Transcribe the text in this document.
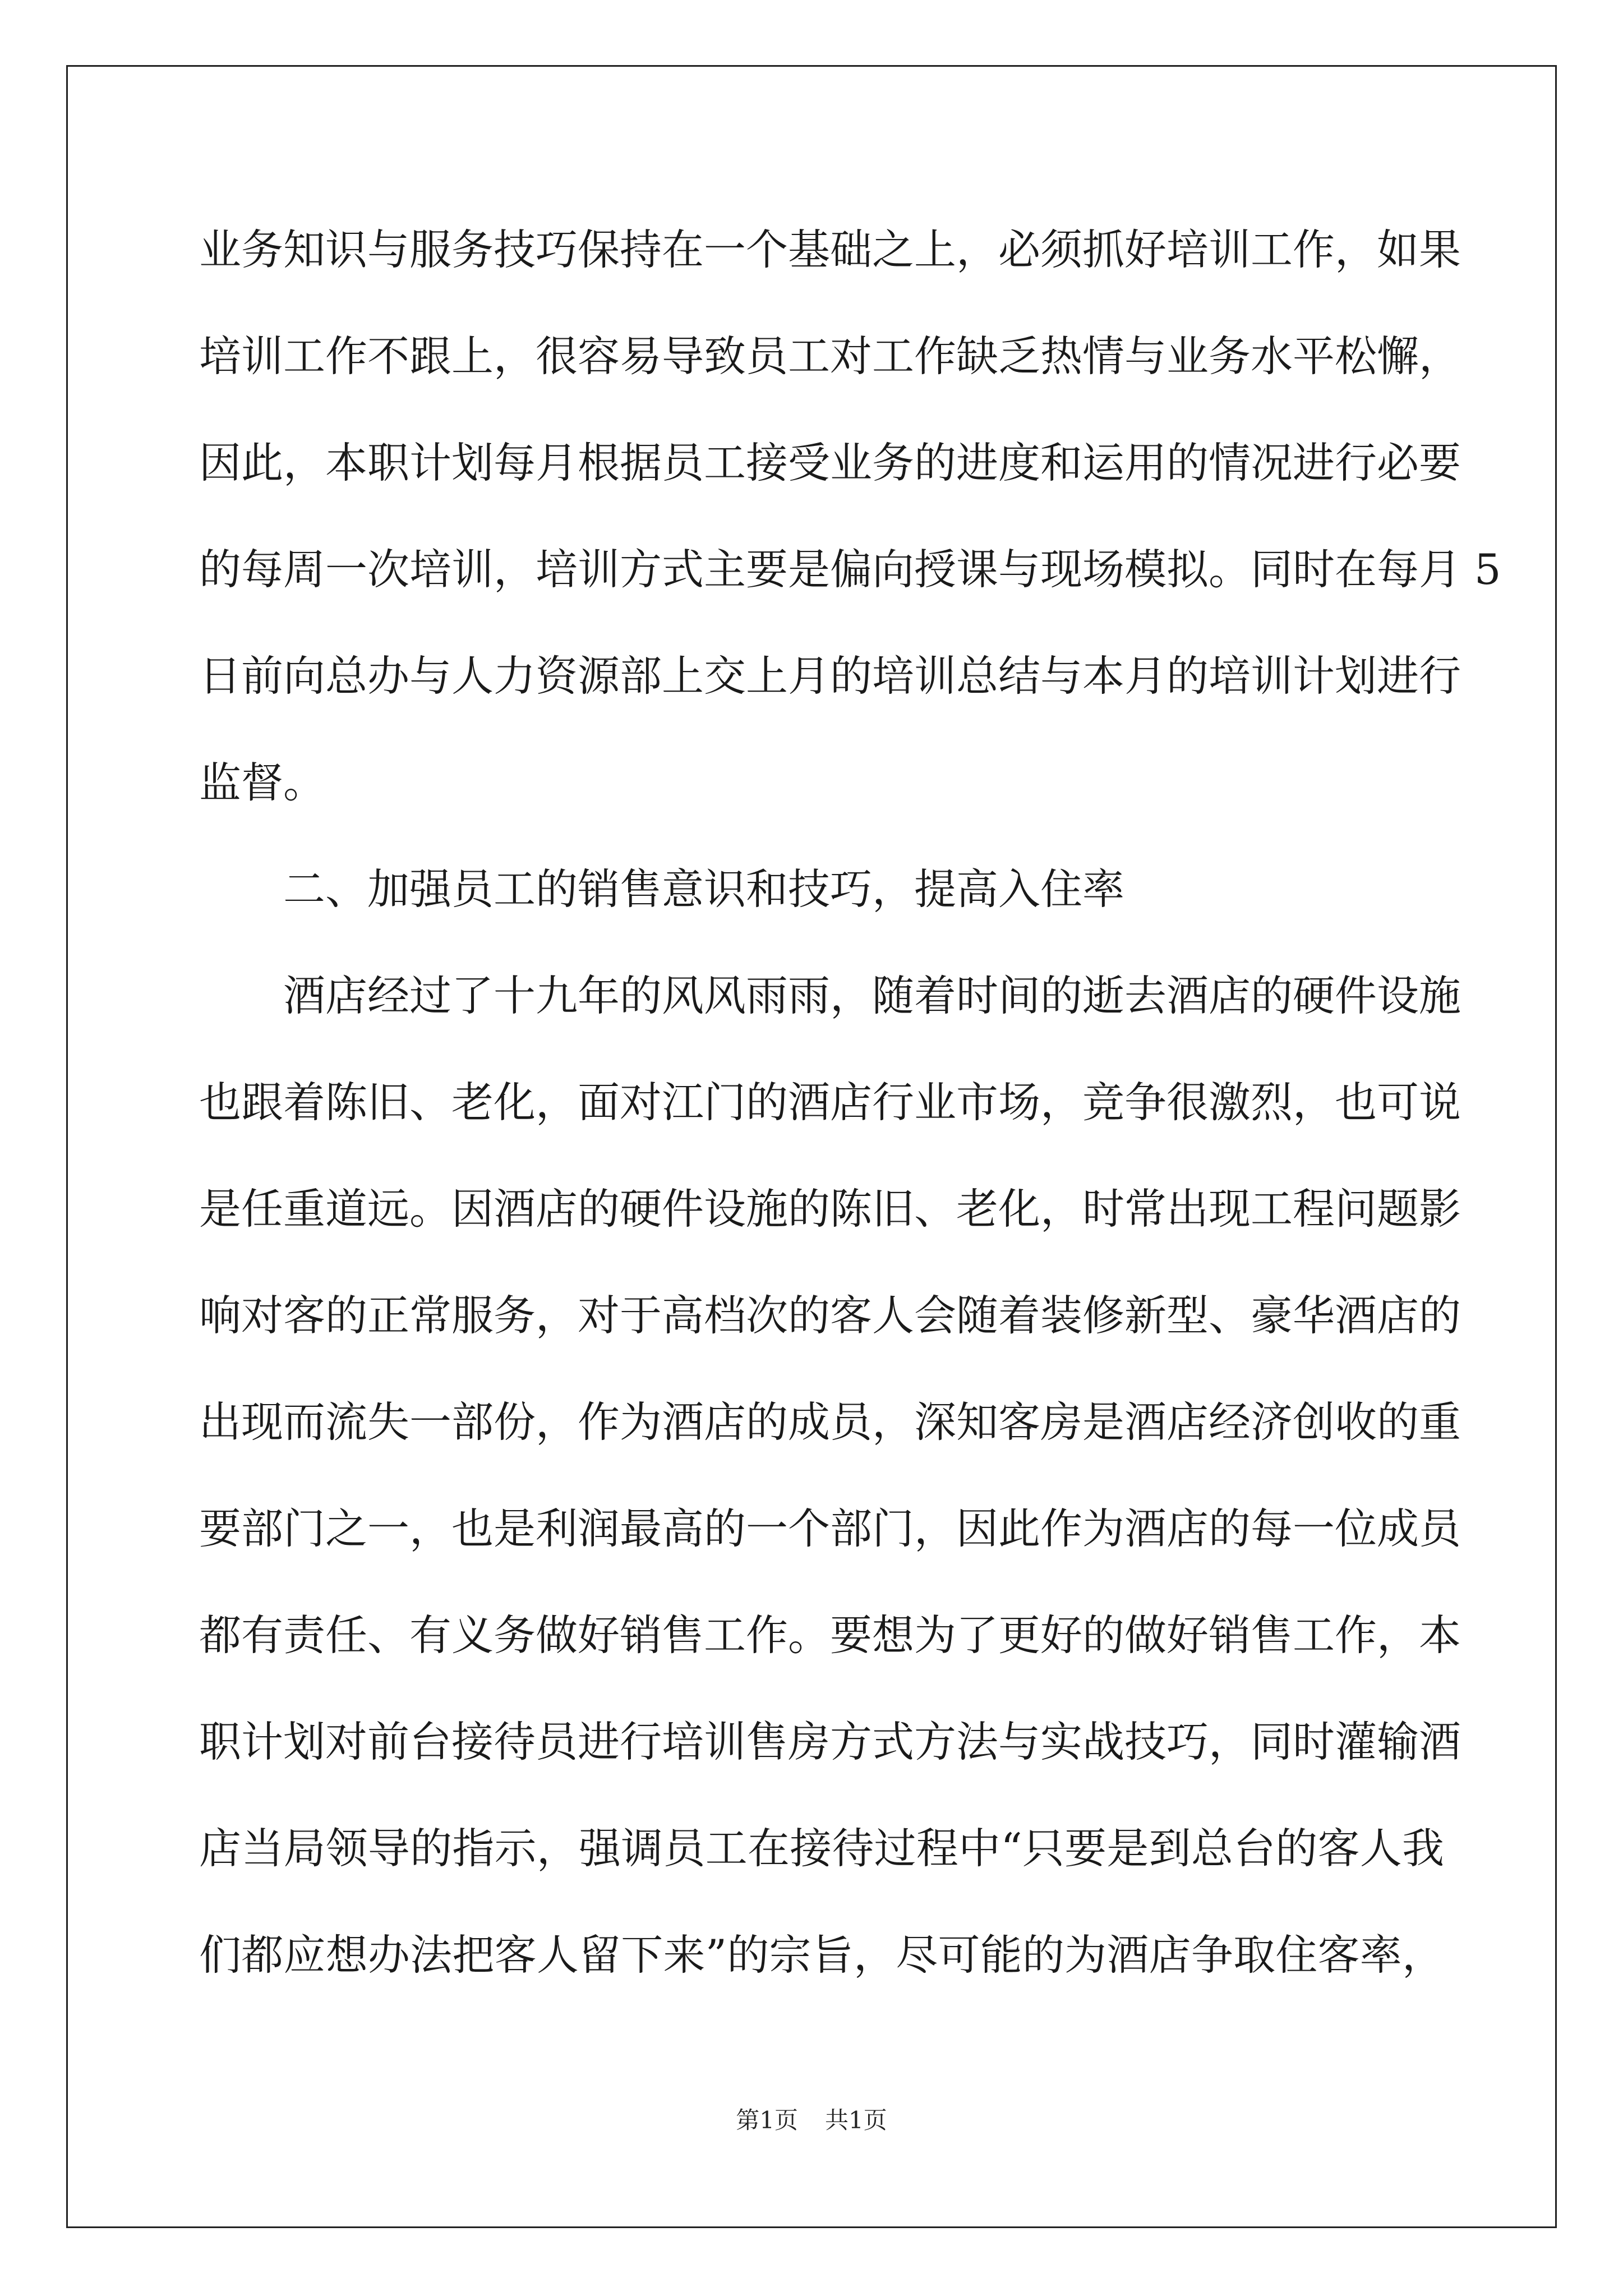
业务知识与服务技巧保持在一个基础之上，必须抓好培训工作，如果
培训工作不跟上，很容易导致员工对工作缺乏热情与业务水平松懈，
因此，本职计划每月根据员工接受业务的进度和运用的情况进行必要
的每周一次培训，培训方式主要是偏向授课与现场模拟。同时在每月 5
日前向总办与人力资源部上交上月的培训总结与本月的培训计划进行
监督。
二、加强员工的销售意识和技巧，提高入住率
酒店经过了十九年的风风雨雨，随着时间的逝去酒店的硬件设施
也跟着陈旧、老化，面对江门的酒店行业市场，竞争很激烈，也可说
是任重道远。因酒店的硬件设施的陈旧、老化，时常出现工程问题影
响对客的正常服务，对于高档次的客人会随着装修新型、豪华酒店的
出现而流失一部份，作为酒店的成员，深知客房是酒店经济创收的重
要部门之一，也是利润最高的一个部门，因此作为酒店的每一位成员
都有责任、有义务做好销售工作。要想为了更好的做好销售工作，本
职计划对前台接待员进行培训售房方式方法与实战技巧，同时灌输酒
店当局领导的指示，强调员工在接待过程中“只要是到总台的客人我
们都应想办法把客人留下来”的宗旨，尽可能的为酒店争取住客率，
第1页 共1页
